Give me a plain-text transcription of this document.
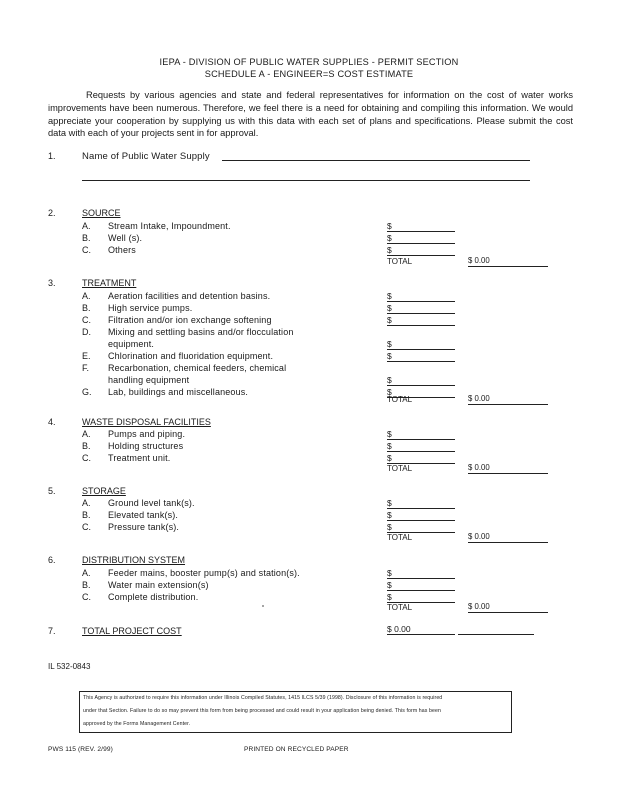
IEPA - DIVISION OF PUBLIC WATER SUPPLIES - PERMIT SECTION
SCHEDULE A - ENGINEER=S COST ESTIMATE
Requests by various agencies and state and federal representatives for information on the cost of water works improvements have been numerous. Therefore, we feel there is a need for obtaining and compiling this information. We would appreciate your cooperation by supplying us with this data with each set of plans and specifications. Please submit the cost data with each of your projects sent in for approval.
1.	Name of Public Water Supply
2.	SOURCE
A. Stream Intake, Impoundment.	$
B. Well (s).	$
C. Others	$
TOTAL	$ 0.00
3.	TREATMENT
A. Aeration facilities and detention basins.	$
B. High service pumps.	$
C. Filtration and/or ion exchange softening	$
D. Mixing and settling basins and/or flocculation
equipment.	$
E. Chlorination and fluoridation equipment.	$
F. Recarbonation, chemical feeders, chemical
handling equipment	$
G. Lab, buildings and miscellaneous.	$
TOTAL	$ 0.00
4.	WASTE DISPOSAL FACILITIES
A. Pumps and piping.	$
B. Holding structures	$
C. Treatment unit.	$
TOTAL	$ 0.00
5.	STORAGE
A. Ground level tank(s).	$
B. Elevated tank(s).	$
C. Pressure tank(s).	$
TOTAL	$ 0.00
6.	DISTRIBUTION SYSTEM
A. Feeder mains, booster pump(s) and station(s).	$
B. Water main extension(s)	$
C. Complete distribution.	$
TOTAL	$ 0.00
7.	TOTAL PROJECT COST	$ 0.00
IL 532-0843
This Agency is authorized to require this information under Illinois Compiled Statutes, 1415 ILCS 5/39 (1998). Disclosure of this information is required
under that Section. Failure to do so may prevent this form from being processed and could result in your application being denied. This form has been
approved by the Forms Management Center.
PWS 115 (REV. 2/99)	PRINTED ON RECYCLED PAPER
